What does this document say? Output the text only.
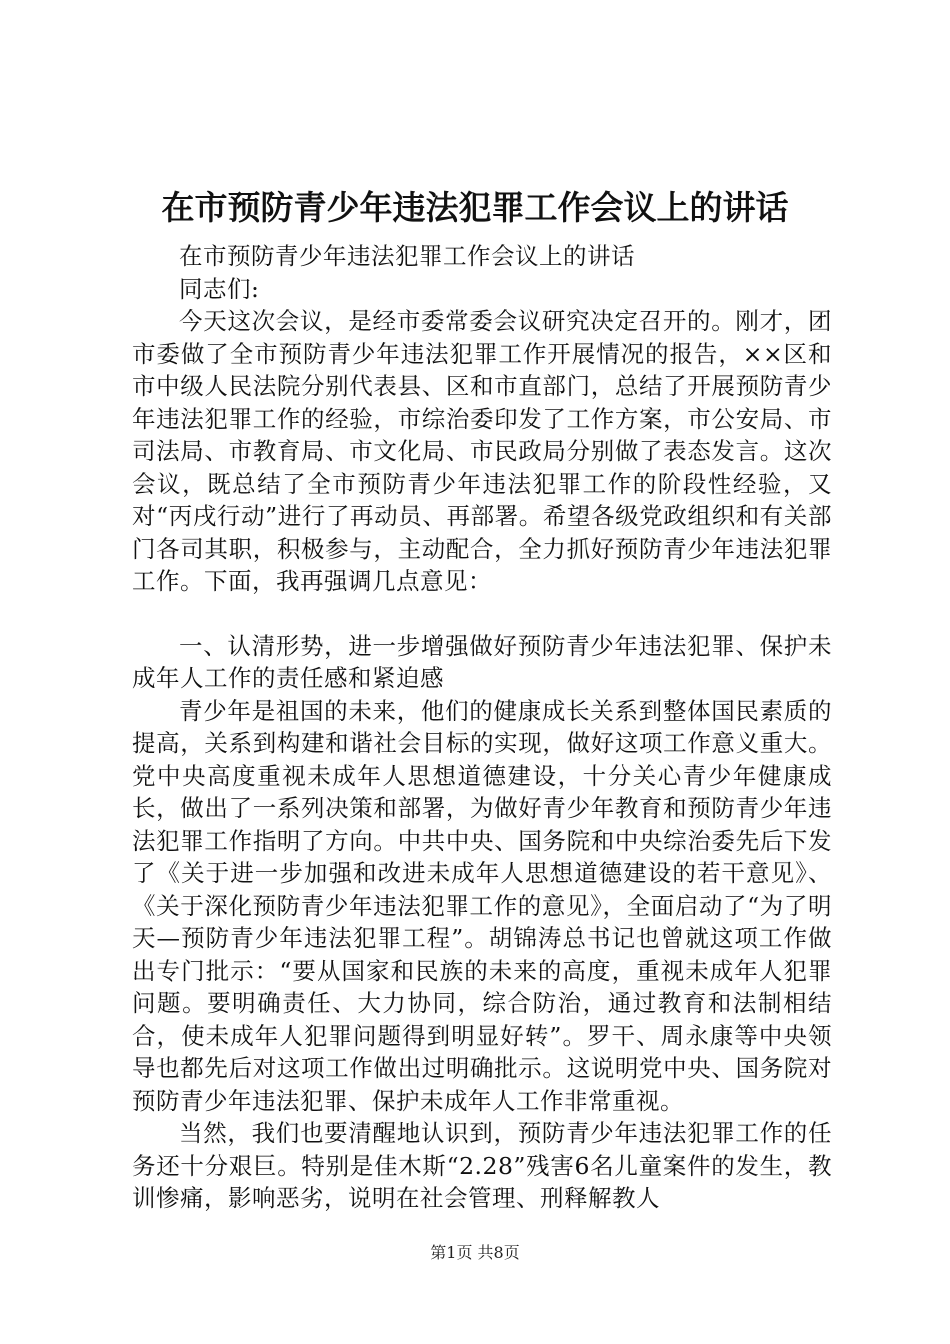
在市预防青少年违法犯罪工作会议上的讲话

在市预防青少年违法犯罪工作会议上的讲话

同志们:

今天这次会议，是经市委常委会议研究决定召开的。刚才，团市委做了全市预防青少年违法犯罪工作开展情况的报告，××区和市中级人民法院分别代表县、区和市直部门，总结了开展预防青少年违法犯罪工作的经验，市综治委印发了工作方案，市公安局、市司法局、市教育局、市文化局、市民政局分别做了表态发言。这次会议，既总结了全市预防青少年违法犯罪工作的阶段性经验，又对“丙戌行动”进行了再动员、再部署。希望各级党政组织和有关部门各司其职，积极参与，主动配合，全力抓好预防青少年违法犯罪工作。下面，我再强调几点意见：

一、认清形势，进一步增强做好预防青少年违法犯罪、保护未成年人工作的责任感和紧迫感

青少年是祖国的未来，他们的健康成长关系到整体国民素质的提高，关系到构建和谐社会目标的实现，做好这项工作意义重大。党中央高度重视未成年人思想道德建设，十分关心青少年健康成长，做出了一系列决策和部署，为做好青少年教育和预防青少年违法犯罪工作指明了方向。中共中央、国务院和中央综治委先后下发了《关于进一步加强和改进未成年人思想道德建设的若干意见》、《关于深化预防青少年违法犯罪工作的意见》，全面启动了“为了明天—预防青少年违法犯罪工程”。胡锦涛总书记也曾就这项工作做出专门批示：“要从国家和民族的未来的高度，重视未成年人犯罪问题。要明确责任、大力协同，综合防治，通过教育和法制相结合，使未成年人犯罪问题得到明显好转”。罗干、周永康等中央领导也都先后对这项工作做出过明确批示。这说明党中央、国务院对预防青少年违法犯罪、保护未成年人工作非常重视。

当然，我们也要清醒地认识到，预防青少年违法犯罪工作的任务还十分艰巨。特别是佳木斯“2.28”残害6名儿童案件的发生，教训惨痛，影响恶劣，说明在社会管理、刑释解教人

第1页 共8页
